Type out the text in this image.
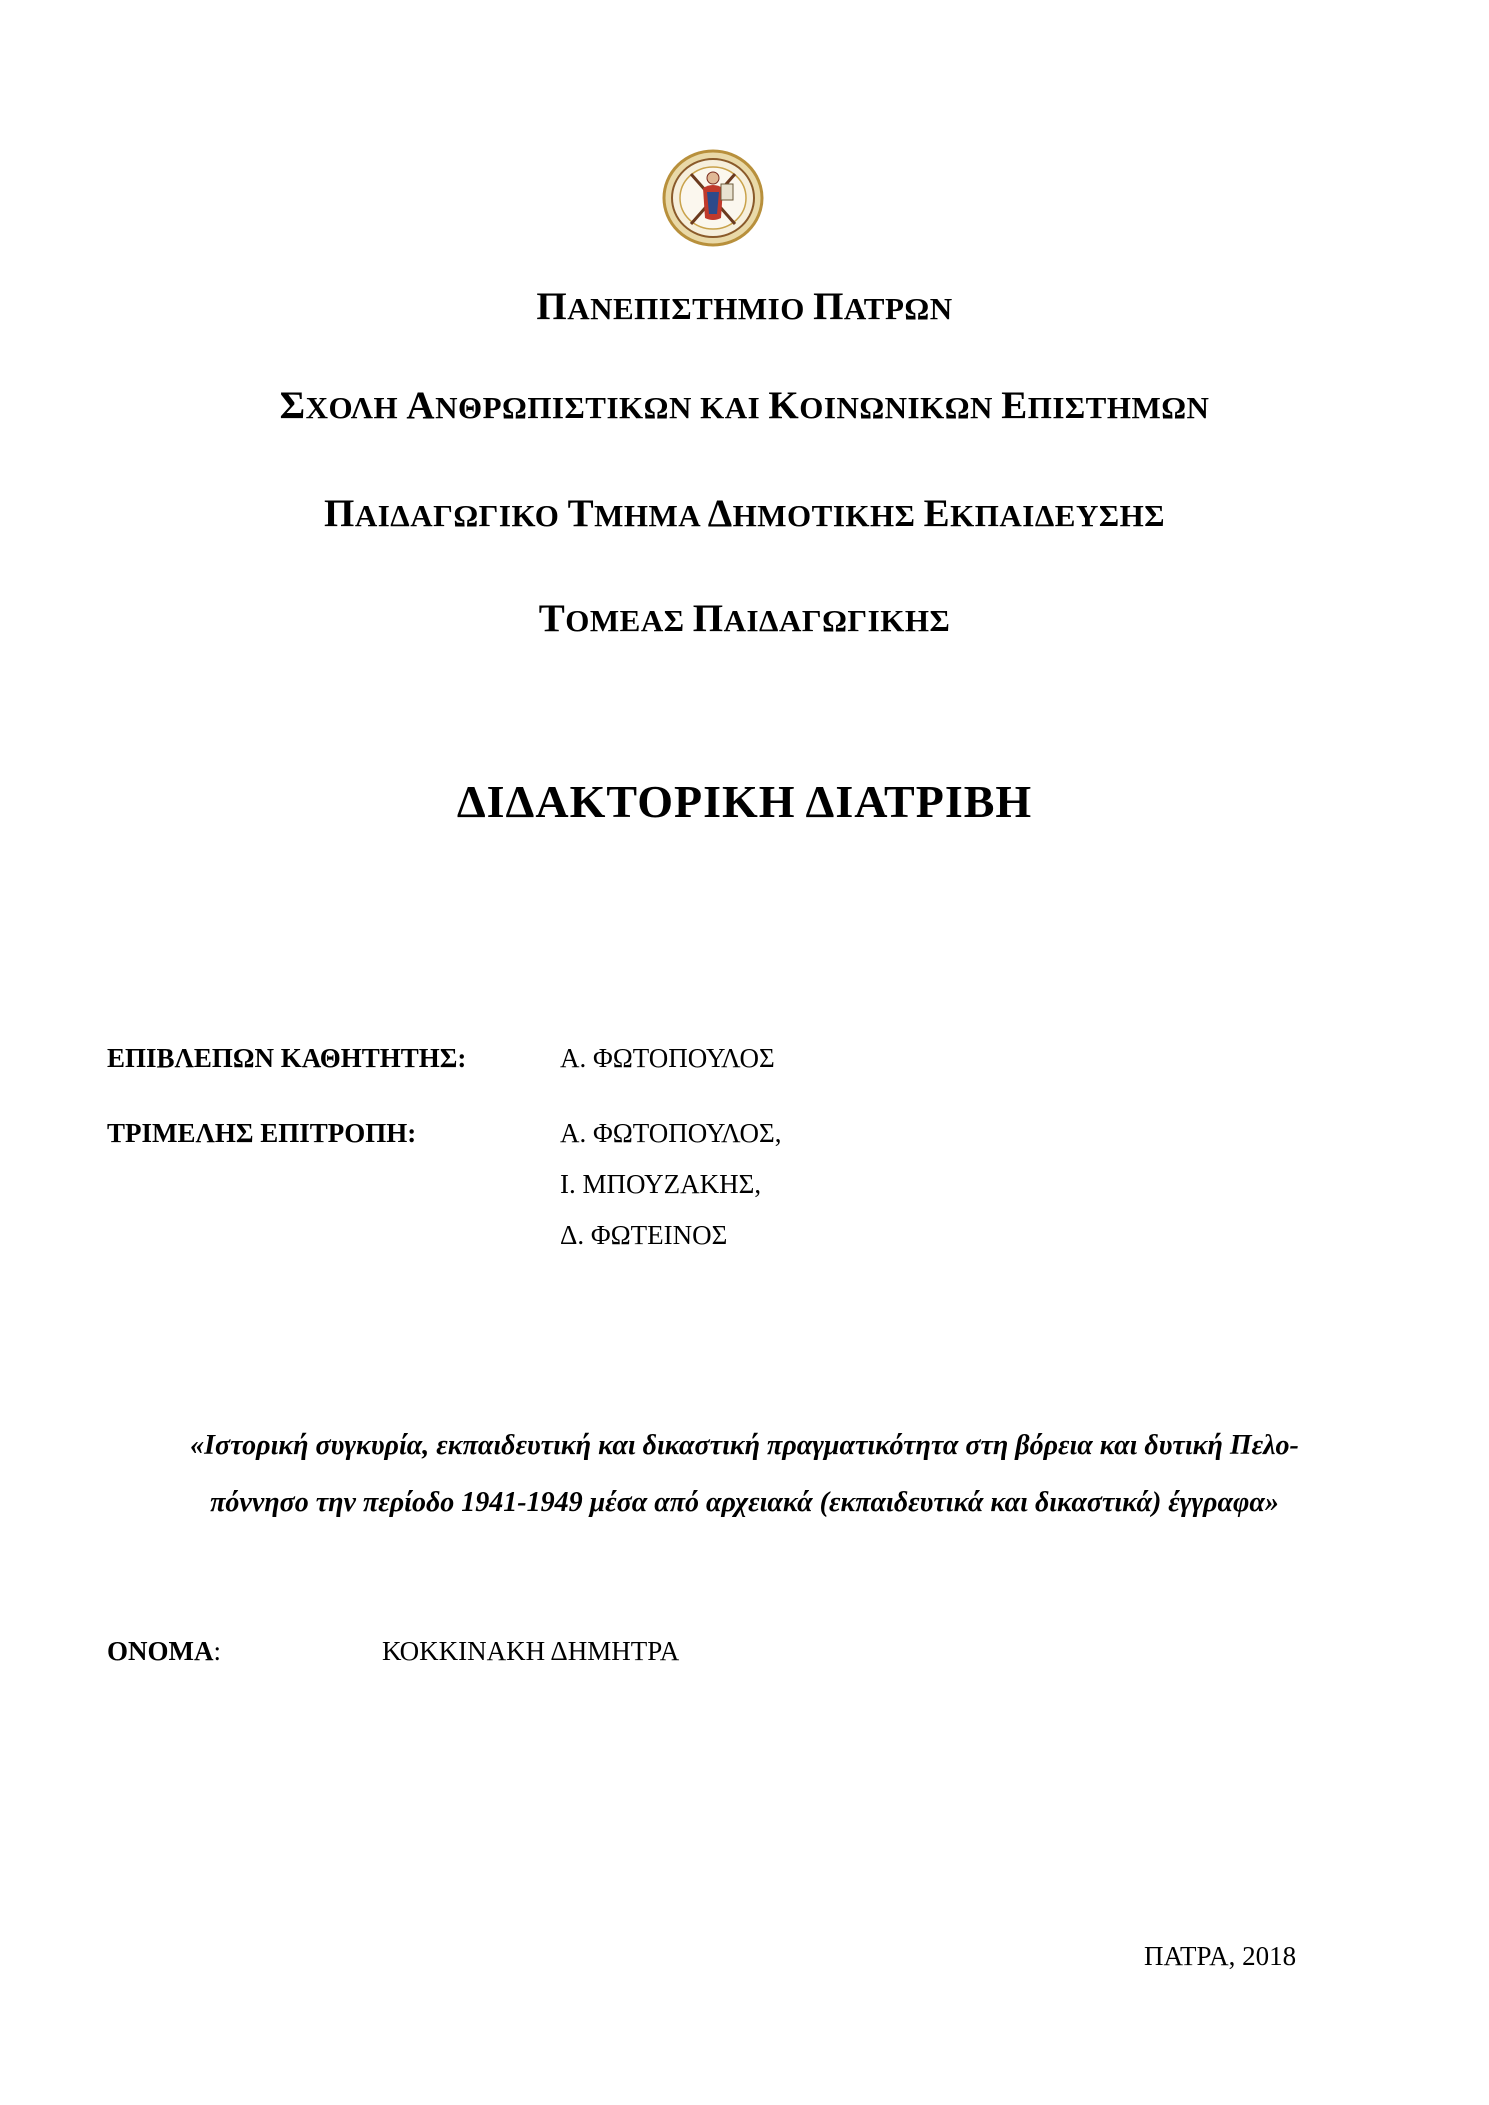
ΠΑΝΕΠΙΣΤΗΜΙΟ ΠΑΤΡΩΝ
ΣΧΟΛΗ ΑΝΘΡΩΠΙΣΤΙΚΩΝ ΚΑΙ ΚΟΙΝΩΝΙΚΩΝ ΕΠΙΣΤΗΜΩΝ
ΠΑΙΔΑΓΩΓΙΚΟ ΤΜΗΜΑ ΔΗΜΟΤΙΚΗΣ ΕΚΠΑΙΔΕΥΣΗΣ
ΤΟΜΕΑΣ ΠΑΙΔΑΓΩΓΙΚΗΣ
ΔΙΔΑΚΤΟΡΙΚΗ ΔΙΑΤΡΙΒΗ
ΕΠΙΒΛΕΠΩΝ ΚΑΘΗΤΗΤΗΣ:	Α. ΦΩΤΟΠΟΥΛΟΣ
ΤΡΙΜΕΛΗΣ ΕΠΙΤΡΟΠΗ:	Α. ΦΩΤΟΠΟΥΛΟΣ,
Ι. ΜΠΟΥΖΑΚΗΣ,
Δ. ΦΩΤΕΙΝΟΣ
«Ιστορική συγκυρία, εκπαιδευτική και δικαστική πραγματικότητα στη βόρεια και δυτική Πελο-
πόννησο την περίοδο 1941-1949 μέσα από αρχειακά (εκπαιδευτικά και δικαστικά) έγγραφα»
ΟΝΟΜΑ:	ΚΟΚΚΙΝΑΚΗ ΔΗΜΗΤΡΑ
ΠΑΤΡΑ, 2018
